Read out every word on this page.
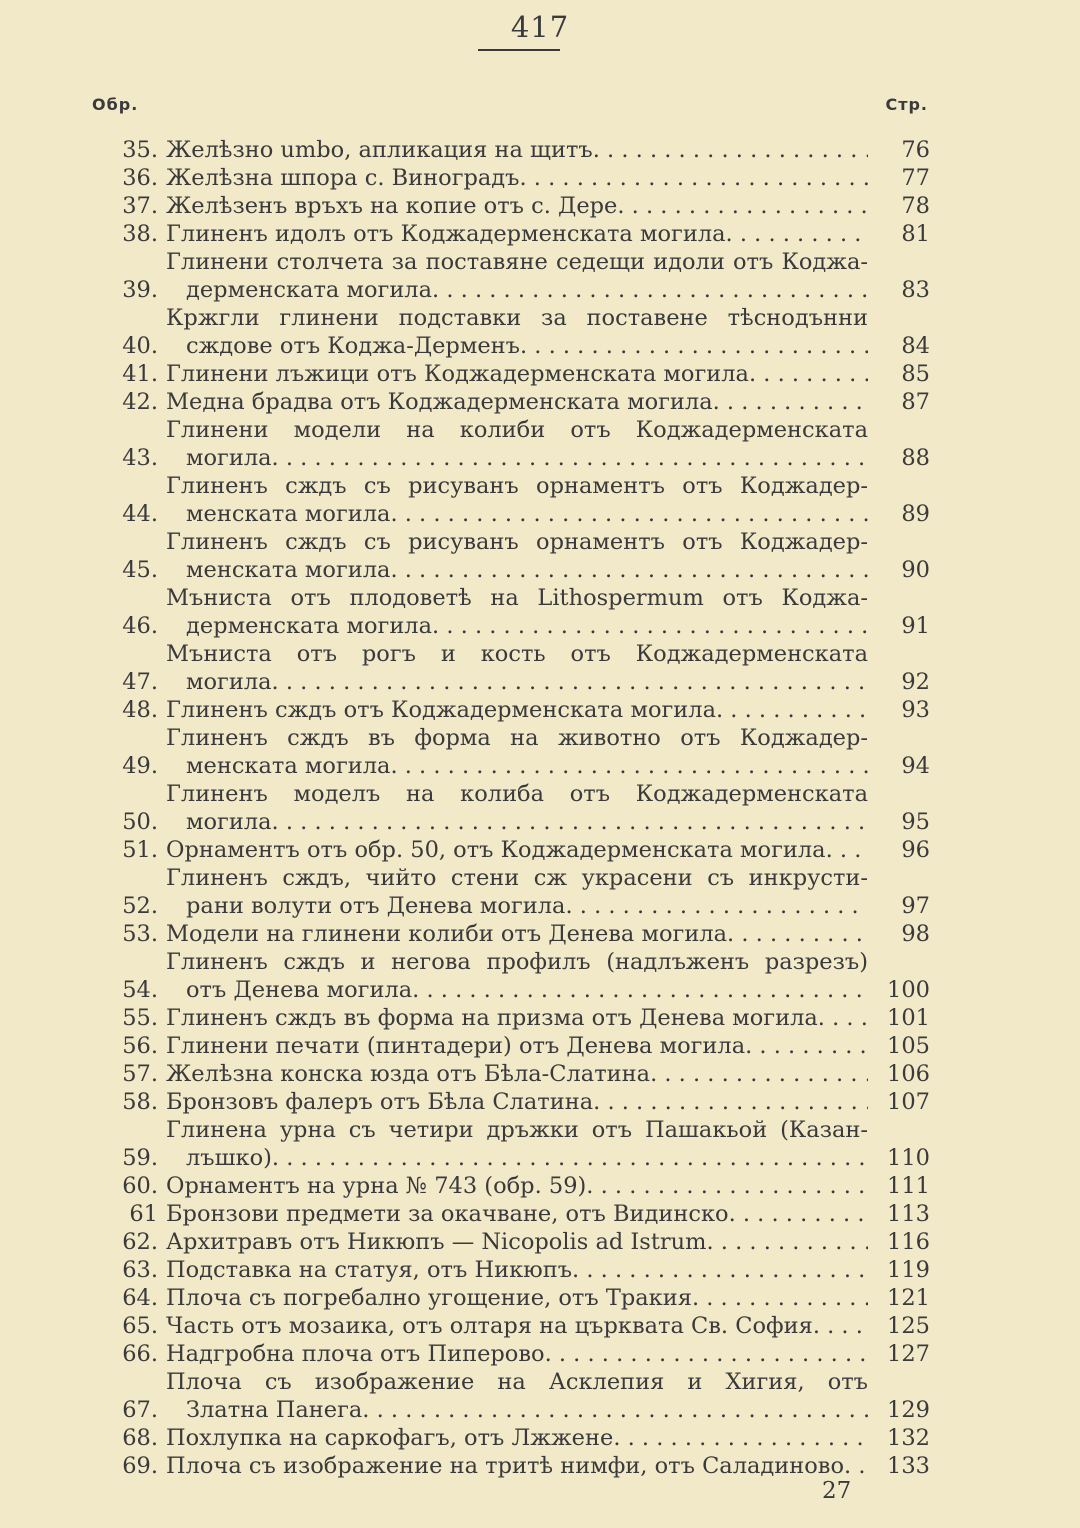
417
Обр.	Стр.
35. Желѣзно umbo, апликация на щитъ . . .	76
36. Желѣзна шпора с. Виноградъ . . .	77
37. Желѣзенъ връхъ на копие отъ с. Дере . . .	78
38. Глиненъ идолъ отъ Коджадерменската могила . . .	81
39.
Глинени столчета за поставяне седещи идоли отъ Коджа-
дерменската могила . . .	83
40.
Кржгли глинени подставки за поставене тѣснодънни
сждове отъ Коджа-Дерменъ . . .	84
41. Глинени лъжици отъ Коджадерменската могила . . .	85
42. Медна брадва отъ Коджадерменската могила . . .	87
43.
Глинени модели на колиби отъ Коджадерменската
могила . . .	88
44.
Глиненъ сждъ съ рисуванъ орнаментъ отъ Коджадер-
менската могила . . .	89
45.
Глиненъ сждъ съ рисуванъ орнаментъ отъ Коджадер-
менската могила . . .	90
46.
Мъниста отъ плодоветѣ на Lithospermum отъ Коджа-
дерменската могила . . .	91
47.
Мъниста отъ рогъ и кость отъ Коджадерменската
могила . . .	92
48. Глиненъ сждъ отъ Коджадерменската могила . . .	93
49.
Глиненъ сждъ въ форма на животно отъ Коджадер-
менската могила . . .	94
50.
Глиненъ моделъ на колиба отъ Коджадерменската
могила . . .	95
51. Орнаментъ отъ обр. 50, отъ Коджадерменската могила . . .	96
52.
Глиненъ сждъ, чийто стени сж украсени съ инкрусти-
рани волути отъ Денева могила . . .	97
53. Модели на глинени колиби отъ Денева могила . . .	98
54.
Глиненъ сждъ и негова профилъ (надлъженъ разрезъ)
отъ Денева могила . . .	100
55. Глиненъ сждъ въ форма на призма отъ Денева могила . . .	101
56. Глинени печати (пинтадери) отъ Денева могила . . .	105
57. Желѣзна конска юзда отъ Бѣла-Слатина . . .	106
58. Бронзовъ фалеръ отъ Бѣла Слатина . . .	107
59.
Глинена урна съ четири дръжки отъ Пашакьой (Казан-
лъшко) . . .	110
60. Орнаментъ на урна № 743 (обр. 59) . . .	111
61 Бронзови предмети за окачване, отъ Видинско . . .	113
62. Архитравъ отъ Никюпъ — Nicopolis ad Istrum . . .	116
63. Подставка на статуя, отъ Никюпъ . . .	119
64. Плоча съ погребално угощение, отъ Тракия . . .	121
65. Часть отъ мозаика, отъ олтаря на църквата Св. София . . .	125
66. Надгробна плоча отъ Пиперово . . .	127
67.
Плоча съ изображение на Асклепия и Хигия, отъ
Златна Панега . . .	129
68. Похлупка на саркофагъ, отъ Лжжене . . .	132
69. Плоча съ изображение на тритѣ нимфи, отъ Саладиново . . .	133
27
